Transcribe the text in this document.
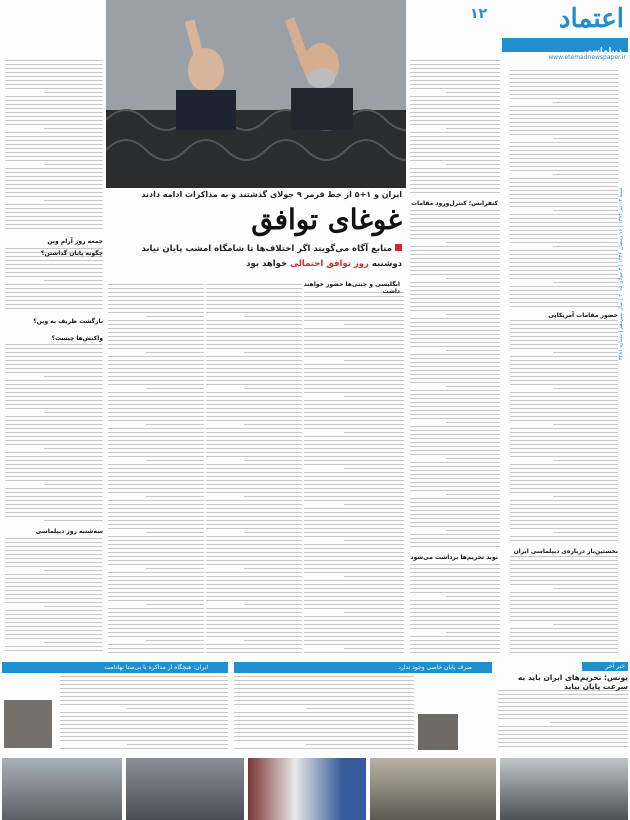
اعتماد
۱۲
دیپلماسی
www.etemadnewspaper.ir
شنبه ۱۳ تیر ۱۳۹۴ | ۱۶ رمضان ۱۴۳۶ | ۴ جولای ۲۰۱۵ | سال سیزدهم | شماره ۳۲۸۱
ایران و ۱+۵ از خط قرمز ۹ جولای گذشتند و به مذاکرات ادامه دادند
غوغای توافق
منابع آگاه می‌گویند اگر اختلاف‌ها تا شامگاه امشب پایان نیابد
دوشنبه روز توافق احتمالی خواهد بود
کنفرانس؛ کنترل‌ورود مقامات
حضور مقامات آمریکایی
چگونه پایان گذاشتن؟
بازگشت ظریف به وین؟
واکنش‌ها چیست؟
جمعه روز آرام وین
نخستین‌بار درباره‌ی دیپلماسی ایران
نوید تحریم‌ها برداشت می‌شود
انگلیسی و چینی‌ها حضور خواهند داشت
سه‌شنبه‌ روز دیپلماسی
خبر آخر
یونس: تحریم‌های ایران باید به سرعت پایان بیابد
صرف پایان خاصی وجود ندارد
ایران: هیچگاه از مذاکره با بی‌ستا نهادامت
